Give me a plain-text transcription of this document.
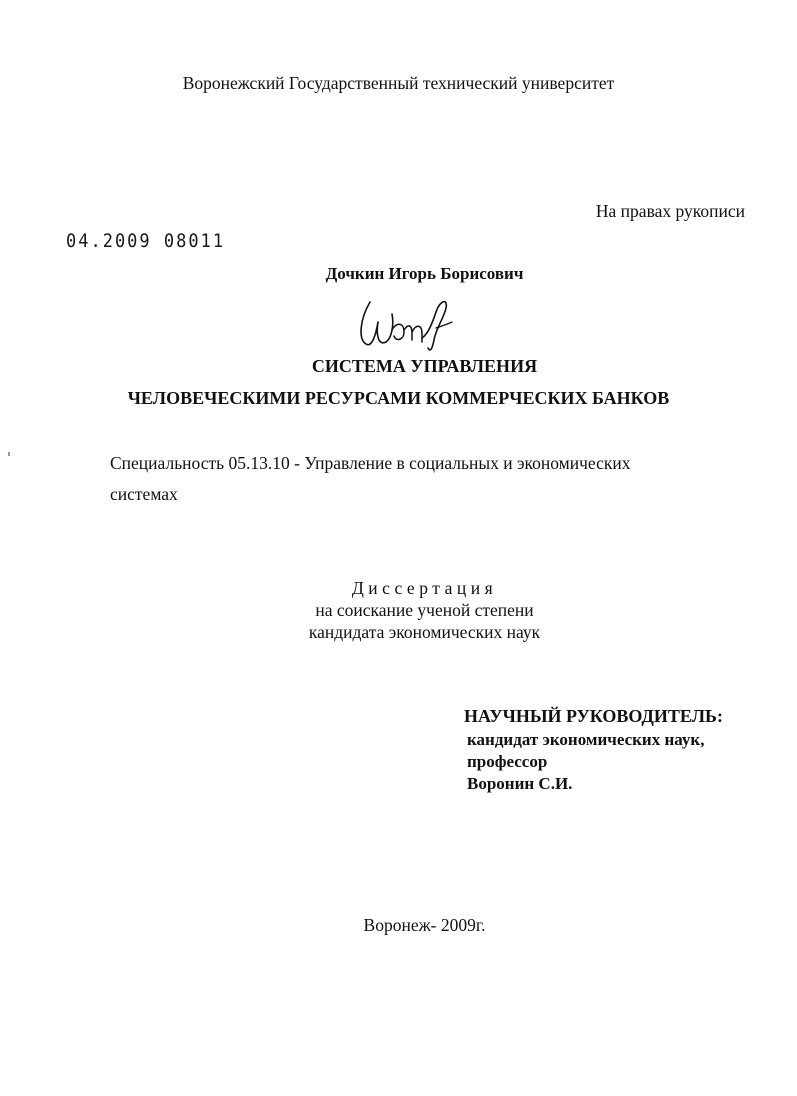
Воронежский Государственный технический университет
На правах рукописи
04.2009 08011
Дочкин Игорь Борисович
СИСТЕМА УПРАВЛЕНИЯ
ЧЕЛОВЕЧЕСКИМИ РЕСУРСАМИ КОММЕРЧЕСКИХ БАНКОВ
Специальность 05.13.10 - Управление в социальных и экономических
системах
Диссертация
на соискание ученой степени
кандидата экономических наук
НАУЧНЫЙ РУКОВОДИТЕЛЬ:
кандидат экономических наук,
профессор
Воронин С.И.
Воронеж- 2009г.
